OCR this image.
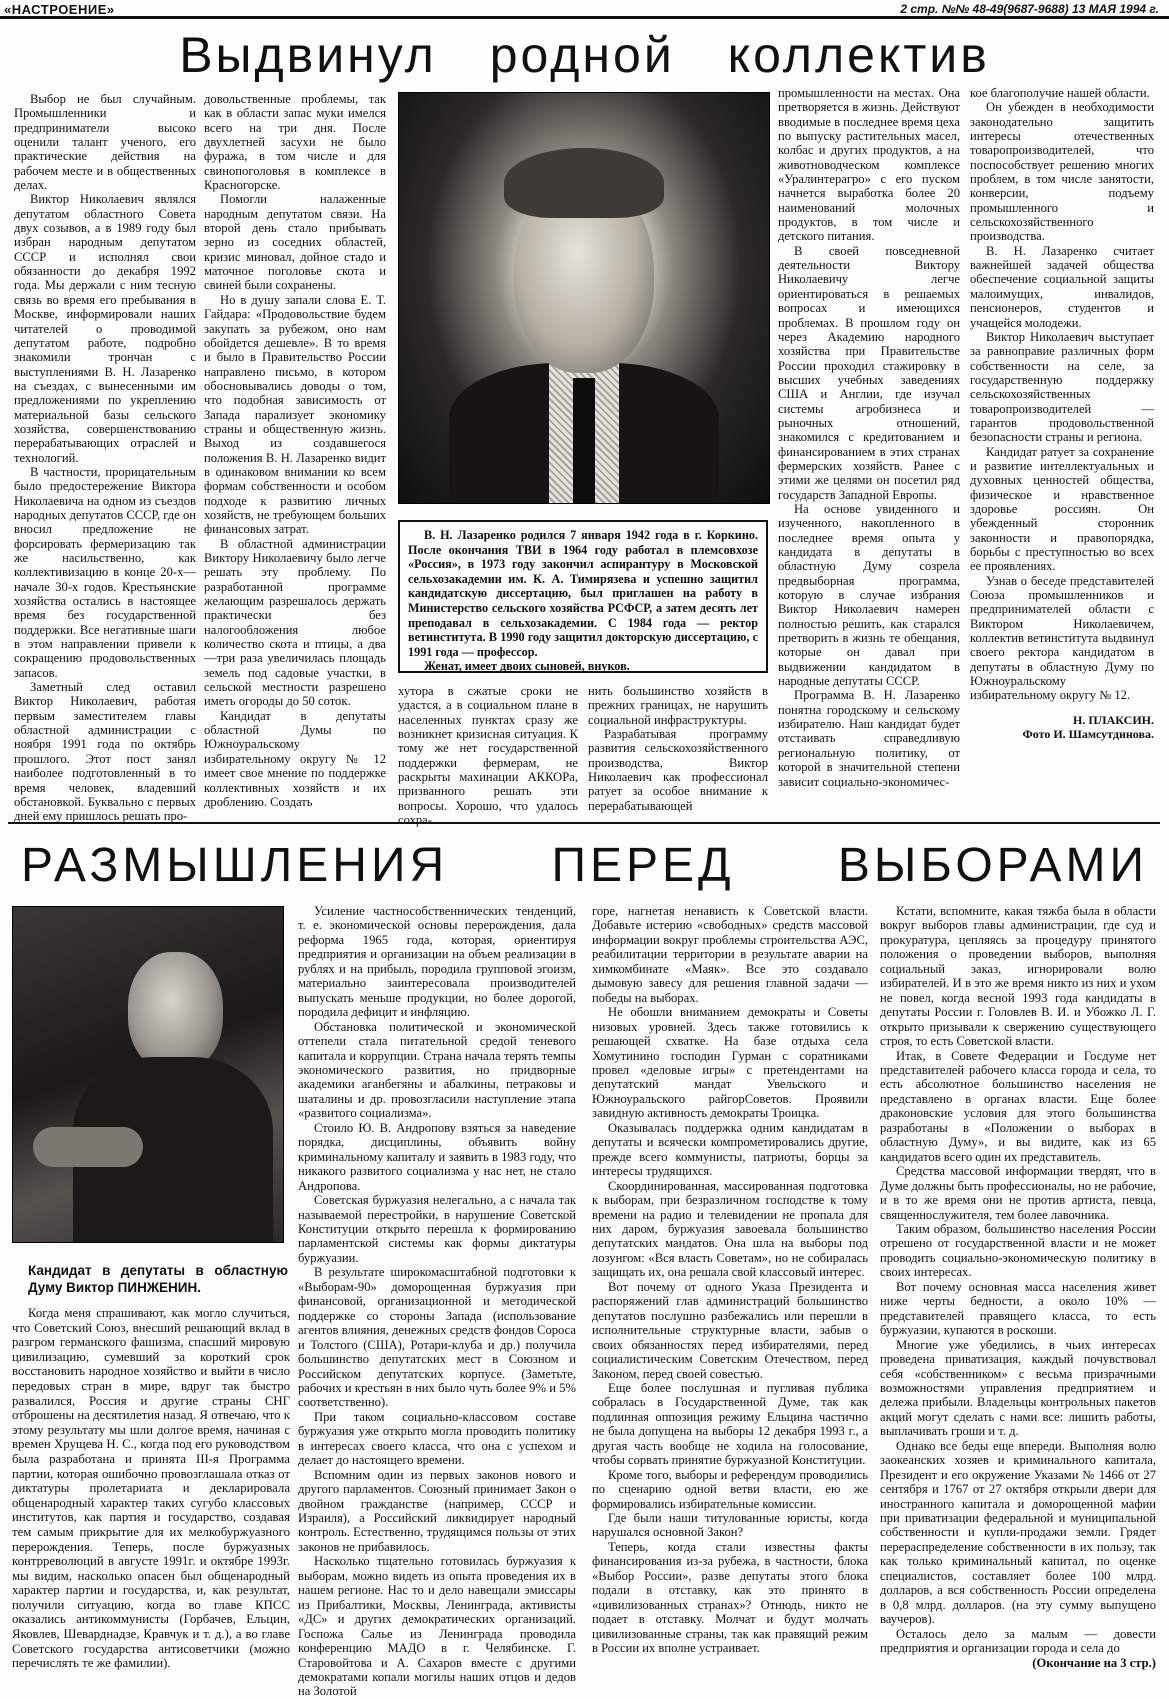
«НАСТРОЕНИЕ»	2 стр. №№ 48-49(9687-9688) 13 МАЯ 1994 г.
Выдвинул родной коллектив

Выбор не был случайным. Промышленники и предприниматели высоко оценили талант ученого, его практические действия на рабочем месте и в общественных делах.

Виктор Николаевич являлся депутатом областного Совета двух созывов, а в 1989 году был избран народным депутатом СССР и исполнял свои обязанности до декабря 1992 года. Мы держали с ним тесную связь во время его пребывания в Москве, информировали наших читателей о проводимой депутатом работе, подробно знакомили трончан с выступлениями В. Н. Лазаренко на съездах, с вынесенными им предложениями по укреплению материальной базы сельского хозяйства, совершенствованию перерабатывающих отраслей и технологий.

В частности, прорицательным было предостережение Виктора Николаевича на одном из съездов народных депутатов СССР, где он вносил предложение не форсировать фермеризацию так же насильственно, как коллективизацию в конце 20-х—начале 30-х годов. Крестьянские хозяйства остались в настоящее время без государственной поддержки. Все негативные шаги в этом направлении привели к сокращению продовольственных запасов.

Заметный след оставил Виктор Николаевич, работая первым заместителем главы областной администрации с ноября 1991 года по октябрь прошлого. Этот пост занял наиболее подготовленный в то время человек, владевший обстановкой. Буквально с первых дней ему пришлось решать про-

довольственные проблемы, так как в области запас муки имелся всего на три дня. После двухлетней засухи не было фуража, в том числе и для свинопоголовья в комплексе в Красногорске.

Помогли налаженные народным депутатом связи. На второй день стало прибывать зерно из соседних областей, кризис миновал, дойное стадо и маточное поголовье скота и свиней были сохранены.

Но в душу запали слова Е. Т. Гайдара: «Продовольствие будем закупать за рубежом, оно нам обойдется дешевле». В то время и было в Правительство России направлено письмо, в котором обосновывались доводы о том, что подобная зависимость от Запада парализует экономику страны и общественную жизнь. Выход из создавшегося положения В. Н. Лазаренко видит в одинаковом внимании ко всем формам собственности и особом подходе к развитию личных хозяйств, не требующем больших финансовых затрат.

В областной администрации Виктору Николаевичу было легче решать эту проблему. По разработанной программе желающим разрешалось держать практически без налогообложения любое количество скота и птицы, а два—три раза увеличилась площадь земель под садовые участки, в сельской местности разрешено иметь огороды до 50 соток.

Кандидат в депутаты областной Думы по Южноуральскому избирательному округу № 12 имеет свое мнение по поддержке коллективных хозяйств и их дроблению. Создать

В. Н. Лазаренко родился 7 января 1942 года в г. Коркино. После окончания ТВИ в 1964 году работал в племсовхозе «Россия», в 1973 году закончил аспирантуру в Московской сельхозакадемии им. К. А. Тимирязева и успешно защитил кандидатскую диссертацию, был приглашен на работу в Министерство сельского хозяйства РСФСР, а затем десять лет преподавал в сельхозакадемии. С 1984 года — ректор ветинститута. В 1990 году защитил докторскую диссертацию, с 1991 года — профессор.

Женат, имеет двоих сыновей, внуков.

хутора в сжатые сроки не удастся, а в социальном плане в населенных пунктах сразу же возникнет кризисная ситуация. К тому же нет государственной поддержки фермерам, не раскрыты махинации АККОРа, призванного решать эти вопросы. Хорошо, что удалось сохра-

нить большинство хозяйств в прежних границах, не нарушить социальной инфраструктуры.

Разрабатывая программу развития сельскохозяйственного производства, Виктор Николаевич как профессионал ратует за особое внимание к перерабатывающей

промышленности на местах. Она претворяется в жизнь. Действуют вводимые в последнее время цеха по выпуску растительных масел, колбас и других продуктов, а на животноводческом комплексе «Уралинтерагро» с его пуском начнется выработка более 20 наименований молочных продуктов, в том числе и детского питания.

В своей повседневной деятельности Виктору Николаевичу легче ориентироваться в решаемых вопросах и имеющихся проблемах. В прошлом году он через Академию народного хозяйства при Правительстве России проходил стажировку в высших учебных заведениях США и Англии, где изучал системы агробизнеса и рыночных отношений, знакомился с кредитованием и финансированием в этих странах фермерских хозяйств. Ранее с этими же целями он посетил ряд государств Западной Европы.

На основе увиденного и изученного, накопленного в последнее время опыта у кандидата в депутаты в областную Думу созрела предвыборная программа, которую в случае избрания Виктор Николаевич намерен полностью решить, как старался претворить в жизнь те обещания, которые он давал при выдвижении кандидатом в народные депутаты СССР.

Программа В. Н. Лазаренко понятна городскому и сельскому избирателю. Наш кандидат будет отстаивать справедливую региональную политику, от которой в значительной степени зависит социально-экономичес-

кое благополучие нашей области.

Он убежден в необходимости законодательно защитить интересы отечественных товаропроизводителей, что поспособствует решению многих проблем, в том числе занятости, конверсии, подъему промышленного и сельскохозяйственного производства.

В. Н. Лазаренко считает важнейшей задачей общества обеспечение социальной защиты малоимущих, инвалидов, пенсионеров, студентов и учащейся молодежи.

Виктор Николаевич выступает за равноправие различных форм собственности на селе, за государственную поддержку сельскохозяйственных товаропроизводителей — гарантов продовольственной безопасности страны и региона.

Кандидат ратует за сохранение и развитие интеллектуальных и духовных ценностей общества, физическое и нравственное здоровье россиян. Он убежденный сторонник законности и правопорядка, борьбы с преступностью во всех ее проявлениях.

Узнав о беседе представителей Союза промышленников и предпринимателей области с Виктором Николаевичем, коллектив ветинститута выдвинул своего ректора кандидатом в депутаты в областную Думу по Южноуральскому избирательному округу № 12.

Н. ПЛАКСИН.

Фото И. Шамсутдинова.

РАЗМЫШЛЕНИЯ ПЕРЕД ВЫБОРАМИ
Кандидат в депутаты в областную Думу Виктор ПИНЖЕНИН.

Когда меня спрашивают, как могло случиться, что Советский Союз, внесший решающий вклад в разгром германского фашизма, спасший мировую цивилизацию, сумевший за короткий срок восстановить народное хозяйство и выйти в число передовых стран в мире, вдруг так быстро развалился, Россия и другие страны СНГ отброшены на десятилетия назад. Я отвечаю, что к этому результату мы шли долгое время, начиная с времен Хрущева Н. С., когда под его руководством была разработана и принята III-я Программа партии, которая ошибочно провозглашала отказ от диктатуры пролетариата и декларировала общенародный характер таких сугубо классовых институтов, как партия и государство, создавая тем самым прикрытие для их мелкобуржуазного перерождения. Теперь, после буржуазных контрреволюций в августе 1991г. и октябре 1993г. мы видим, насколько опасен был общенародный характер партии и государства, и, как результат, получили ситуацию, когда во главе КПСС оказались антикоммунисты (Горбачев, Ельцин, Яковлев, Шеварднадзе, Кравчук и т. д.), а во главе Советского государства антисоветчики (можно перечислять те же фамилии).

Усиление частнособственнических тенденций, т. е. экономической основы перерождения, дала реформа 1965 года, которая, ориентируя предприятия и организации на объем реализации в рублях и на прибыль, породила групповой эгоизм, материально заинтересовала производителей выпускать меньше продукции, но более дорогой, породила дефицит и инфляцию.

Обстановка политической и экономической оттепели стала питательной средой теневого капитала и коррупции. Страна начала терять темпы экономического развития, но придворные академики аганбегяны и абалкины, петраковы и шаталины и др. провозгласили наступление этапа «развитого социализма».

Стоило Ю. В. Андропову взяться за наведение порядка, дисциплины, объявить войну криминальному капиталу и заявить в 1983 году, что никакого развитого социализма у нас нет, не стало Андропова.

Советская буржуазия нелегально, а с начала так называемой перестройки, в нарушение Советской Конституции открыто перешла к формированию парламентской системы как формы диктатуры буржуазии.

В результате широкомасштабной подготовки к «Выборам-90» доморощенная буржуазия при финансовой, организационной и методической поддержке со стороны Запада (использование агентов влияния, денежных средств фондов Сороса и Толстого (США), Ротари-клуба и др.) получила большинство депутатских мест в Союзном и Российском депутатских корпусе. (Заметьте, рабочих и крестьян в них было чуть более 9% и 5% соответственно).

При таком социально-классовом составе буржуазия уже открыто могла проводить политику в интересах своего класса, что она с успехом и делает до настоящего времени.

Вспомним один из первых законов нового и другого парламентов. Союзный принимает Закон о двойном гражданстве (например, СССР и Израиля), а Российский ликвидирует народный контроль. Естественно, трудящимся пользы от этих законов не прибавилось.

Насколько тщательно готовилась буржуазия к выборам, можно видеть из опыта проведения их в нашем регионе. Нас то и дело навещали эмиссары из Прибалтики, Москвы, Ленинграда, активисты «ДС» и других демократических организаций. Госпожа Салье из Ленинграда проводила конференцию МАДО в г. Челябинске. Г. Старовойтова и А. Сахаров вместе с другими демократами копали могилы наших отцов и дедов на Золотой

горе, нагнетая ненависть к Советской власти. Добавьте истерию «свободных» средств массовой информации вокруг проблемы строительства АЭС, реабилитации территории в результате аварии на химкомбинате «Маяк». Все это создавало дымовую завесу для решения главной задачи — победы на выборах.

Не обошли вниманием демократы и Советы низовых уровней. Здесь также готовились к решающей схватке. На базе отдыха села Хомутинино господин Гурман с соратниками провел «деловые игры» с претендентами на депутатский мандат Увельского и Южноуральского райгорСоветов. Проявили завидную активность демократы Троицка.

Оказывалась поддержка одним кандидатам в депутаты и всячески компрометировались другие, прежде всего коммунисты, патриоты, борцы за интересы трудящихся.

Скоординированная, массированная подготовка к выборам, при безразличном господстве к тому времени на радио и телевидении не пропала для них даром, буржуазия завоевала большинство депутатских мандатов. Она шла на выборы под лозунгом: «Вся власть Советам», но не собиралась защищать их, она решала свой классовый интерес.

Вот почему от одного Указа Президента и распоряжений глав администраций большинство депутатов послушно разбежались или перешли в исполнительные структурные власти, забыв о своих обязанностях перед избирателями, перед социалистическим Советским Отечеством, перед Законом, перед своей совестью.

Еще более послушная и пугливая публика собралась в Государственной Думе, так как подлинная оппозиция режиму Ельцина частично не была допущена на выборы 12 декабря 1993 г., а другая часть вообще не ходила на голосование, чтобы сорвать принятие буржуазной Конституции.

Кроме того, выборы и референдум проводились по сценарию одной ветви власти, ею же формировались избирательные комиссии.

Где были наши титулованные юристы, когда нарушался основной Закон?

Теперь, когда стали известны факты финансирования из-за рубежа, в частности, блока «Выбор России», разве депутаты этого блока подали в отставку, как это принято в «цивилизованных странах»? Отнюдь, никто не подает в отставку. Молчат и будут молчать цивилизованные страны, так как правящий режим в России их вполне устраивает.

Кстати, вспомните, какая тяжба была в области вокруг выборов главы администрации, где суд и прокуратура, цепляясь за процедуру принятого положения о проведении выборов, выполняя социальный заказ, игнорировали волю избирателей. И в это же время никто из них и ухом не повел, когда весной 1993 года кандидаты в депутаты России г. Головлев В. И. и Убожко Л. Г. открыто призывали к свержению существующего строя, то есть Советской власти.

Итак, в Совете Федерации и Госдуме нет представителей рабочего класса города и села, то есть абсолютное большинство населения не представлено в органах власти. Еще более драконовские условия для этого большинства разработаны в «Положении о выборах в областную Думу», и вы видите, как из 65 кандидатов всего один их представитель.

Средства массовой информации твердят, что в Думе должны быть профессионалы, но не рабочие, и в то же время они не против артиста, певца, священнослужителя, тем более лавочника.

Таким образом, большинство населения России отрешено от государственной власти и не может проводить социально-экономическую политику в своих интересах.

Вот почему основная масса населения живет ниже черты бедности, а около 10% — представителей правящего класса, то есть буржуазии, купаются в роскоши.

Многие уже убедились, в чьих интересах проведена приватизация, каждый почувствовал себя «собственником» с весьма призрачными возможностями управления предприятием и дележа прибыли. Владельцы контрольных пакетов акций могут сделать с нами все: лишить работы, выплачивать гроши и т. д.

Однако все беды еще впереди. Выполняя волю заокеанских хозяев и криминального капитала, Президент и его окружение Указами № 1466 от 27 сентября и 1767 от 27 октября открыли двери для иностранного капитала и доморощенной мафии при приватизации федеральной и муниципальной собственности и купли-продажи земли. Грядет перераспределение собственности в их пользу, так как только криминальный капитал, по оценке специалистов, составляет более 100 млрд. долларов, а вся собственность России определена в 0,8 млрд. долларов. (на эту сумму выпущено ваучеров).

Осталось дело за малым — довести предприятия и организации города и села до

(Окончание на 3 стр.)
